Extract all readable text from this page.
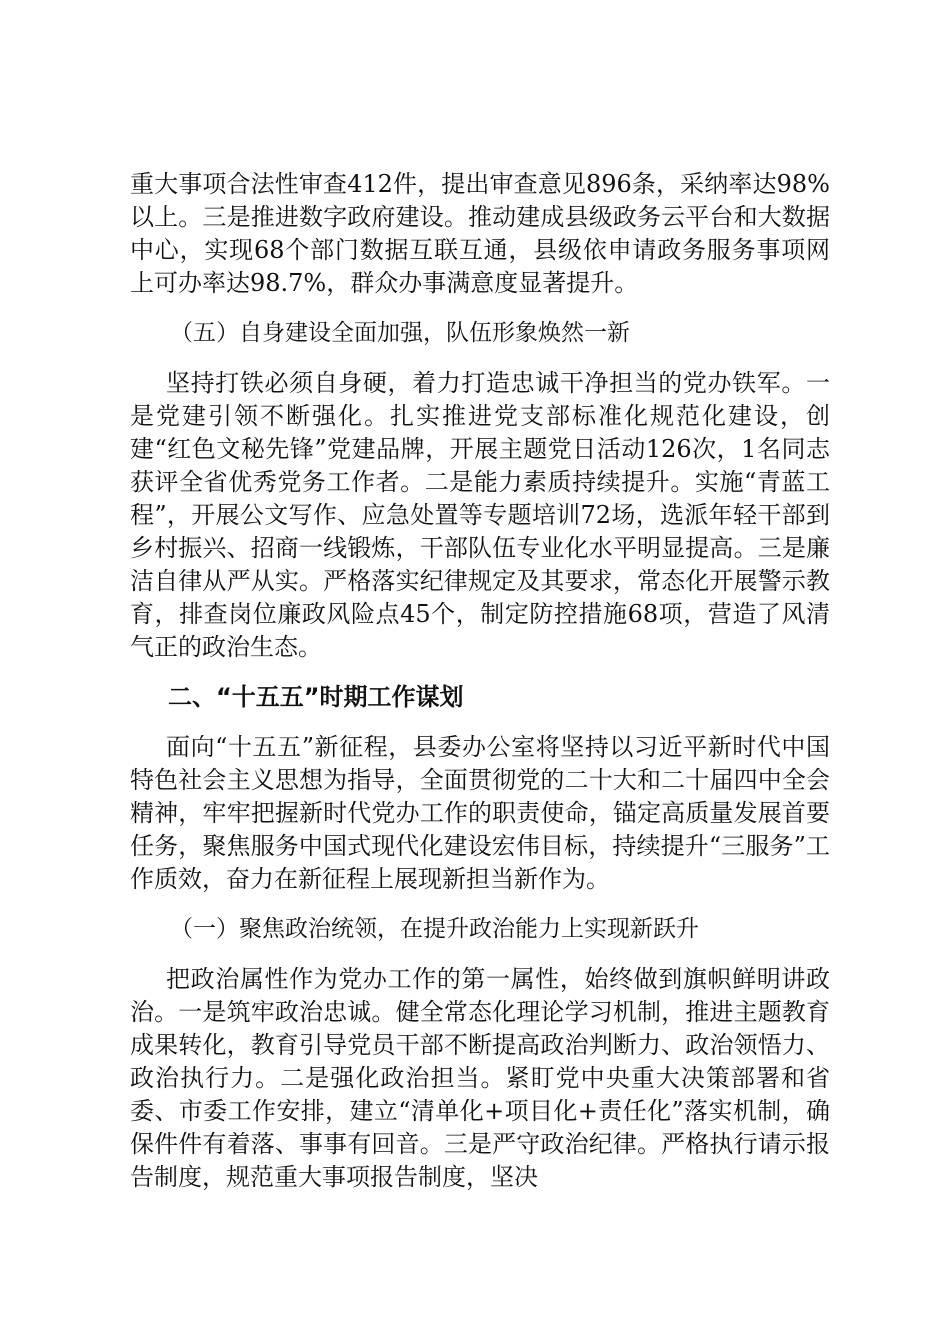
重大事项合法性审查412件，提出审查意见896条，采纳率达98%以上。三是推进数字政府建设。推动建成县级政务云平台和大数据中心，实现68个部门数据互联互通，县级依申请政务服务事项网上可办率达98.7%，群众办事满意度显著提升。

（五）自身建设全面加强，队伍形象焕然一新

坚持打铁必须自身硬，着力打造忠诚干净担当的党办铁军。一是党建引领不断强化。扎实推进党支部标准化规范化建设，创建“红色文秘先锋”党建品牌，开展主题党日活动126次，1名同志获评全省优秀党务工作者。二是能力素质持续提升。实施“青蓝工程”，开展公文写作、应急处置等专题培训72场，选派年轻干部到乡村振兴、招商一线锻炼，干部队伍专业化水平明显提高。三是廉洁自律从严从实。严格落实纪律规定及其要求，常态化开展警示教育，排查岗位廉政风险点45个，制定防控措施68项，营造了风清气正的政治生态。

二、“十五五”时期工作谋划

面向“十五五”新征程，县委办公室将坚持以习近平新时代中国特色社会主义思想为指导，全面贯彻党的二十大和二十届四中全会精神，牢牢把握新时代党办工作的职责使命，锚定高质量发展首要任务，聚焦服务中国式现代化建设宏伟目标，持续提升“三服务”工作质效，奋力在新征程上展现新担当新作为。

（一）聚焦政治统领，在提升政治能力上实现新跃升

把政治属性作为党办工作的第一属性，始终做到旗帜鲜明讲政治。一是筑牢政治忠诚。健全常态化理论学习机制，推进主题教育成果转化，教育引导党员干部不断提高政治判断力、政治领悟力、政治执行力。二是强化政治担当。紧盯党中央重大决策部署和省委、市委工作安排，建立“清单化+项目化+责任化”落实机制，确保件件有着落、事事有回音。三是严守政治纪律。严格执行请示报告制度，规范重大事项报告制度，坚决
